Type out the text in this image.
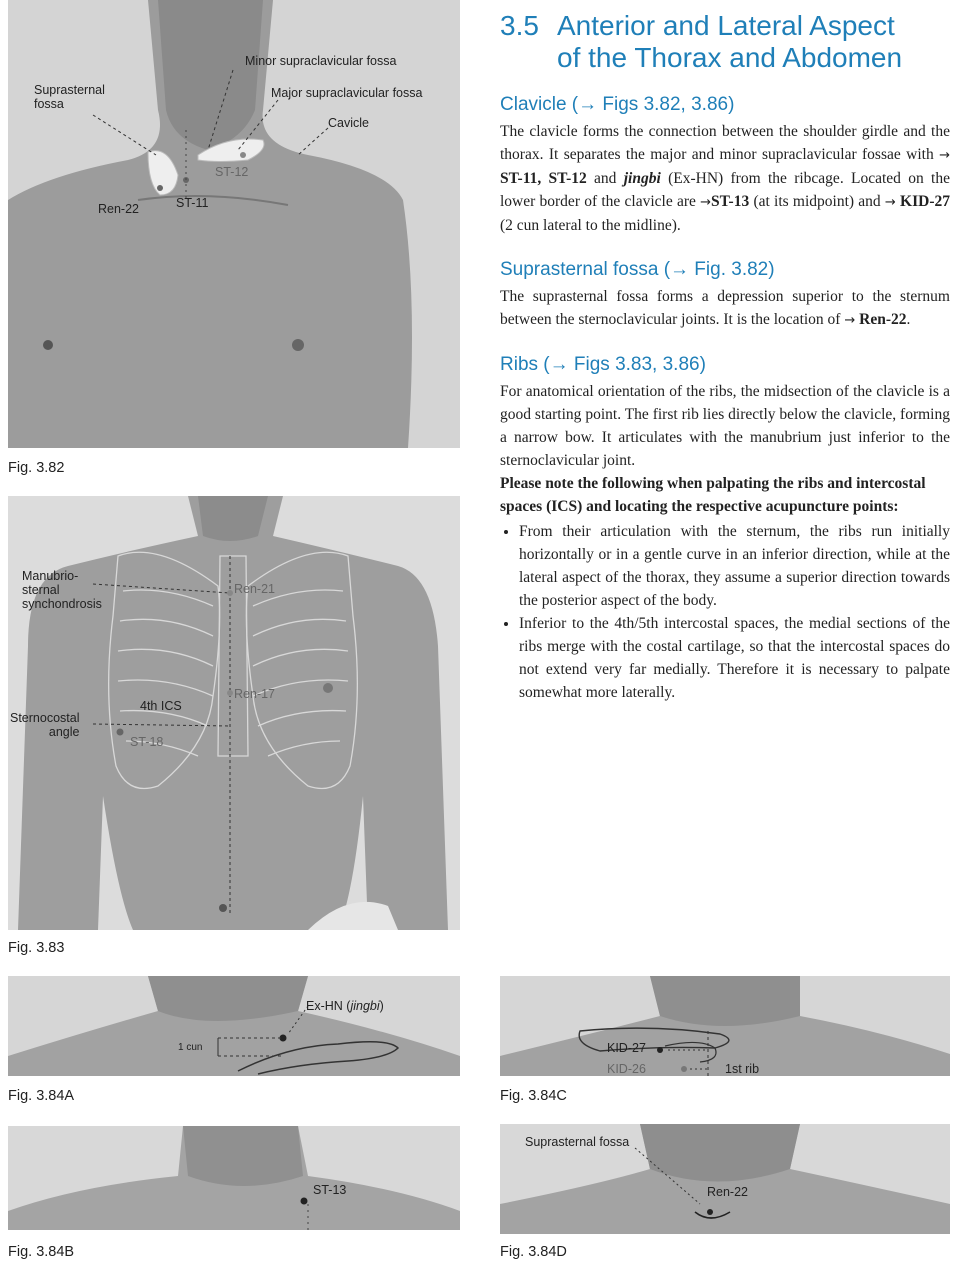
3.5 Anterior and Lateral Aspect
of the Thorax and Abdomen
Clavicle (→ Figs 3.82, 3.86)

The clavicle forms the connection between the shoulder girdle and the thorax. It separates the major and minor supraclavicular fossae with → ST-11, ST-12 and jingbi (Ex-HN) from the ribcage. Located on the lower border of the clavicle are →ST-13 (at its midpoint) and → KID-27 (2 cun lateral to the midline).

Suprasternal fossa (→ Fig. 3.82)

The suprasternal fossa forms a depression superior to the sternum between the sternoclavicular joints. It is the location of → Ren-22.

Ribs (→ Figs 3.83, 3.86)

For anatomical orientation of the ribs, the midsection of the clavicle is a good starting point. The first rib lies directly below the clavicle, forming a narrow bow. It articulates with the manubrium just inferior to the sternoclavicular joint.

Please note the following when palpating the ribs and intercostal spaces (ICS) and locating the respective acupuncture points:

• From their articulation with the sternum, the ribs run initially horizontally or in a gentle curve in an inferior direction, while at the lateral aspect of the thorax, they assume a superior direction towards the posterior aspect of the body.
• Inferior to the 4th/5th intercostal spaces, the medial sections of the ribs merge with the costal cartilage, so that the intercostal spaces do not extend very far medially. Therefore it is necessary to palpate somewhat more laterally.
Suprasternal
fossa
Minor supraclavicular fossa
Major supraclavicular fossa
Cavicle
ST-12
Ren-22	ST-11
Fig. 3.82
Manubrio-
sternal
synchondrosis
Ren-21
Ren-17
4th ICS
Sternocostal
angle
ST-18
Fig. 3.83
Ex-HN (jingbi)
1 cun
Fig. 3.84A
ST-13
Fig. 3.84B
KID-27
KID-26	1st rib
Fig. 3.84C
Suprasternal fossa
Ren-22
Fig. 3.84D
